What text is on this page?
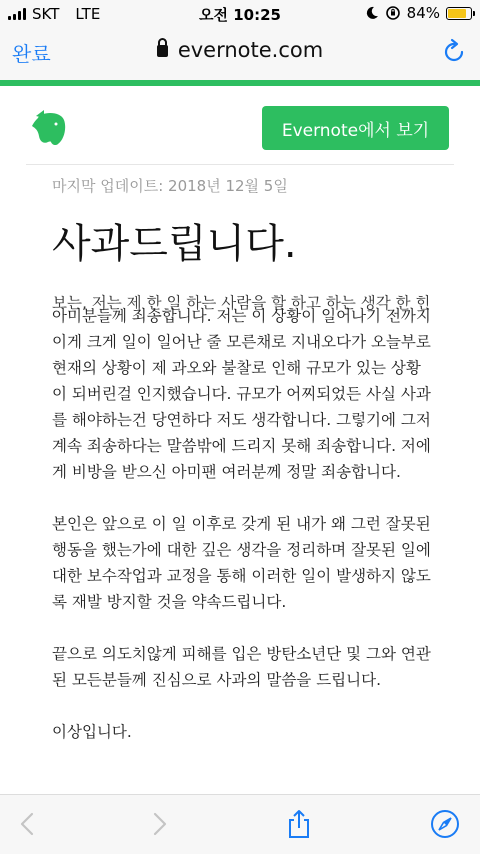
SKT LTE	오전 10:25	84%
완료	evernote.com
Evernote에서 보기
마지막 업데이트: 2018년 12월 5일
사과드립니다.
보는, 저는 제 한 일 하는 사람을 할 하고 하는 생각 한 힌

아미분들께 죄송합니다. 저는 이 상황이 일어나기 전까지 이게 크게 일이 일어난 줄 모른채로 지내오다가 오늘부로 현재의 상황이 제 과오와 불찰로 인해 규모가 있는 상황이 되버린걸 인지했습니다. 규모가 어찌되었든 사실 사과를 해야하는건 당연하다 저도 생각합니다. 그렇기에 그저 계속 죄송하다는 말씀밖에 드리지 못해 죄송합니다. 저에게 비방을 받으신 아미팬 여러분께 정말 죄송합니다.

본인은 앞으로 이 일 이후로 갖게 된 내가 왜 그런 잘못된 행동을 했는가에 대한 깊은 생각을 정리하며 잘못된 일에 대한 보수작업과 교정을 통해 이러한 일이 발생하지 않도록 재발 방지할 것을 약속드립니다.

끝으로 의도치않게 피해를 입은 방탄소년단 및 그와 연관된 모든분들께 진심으로 사과의 말씀을 드립니다.

이상입니다.
